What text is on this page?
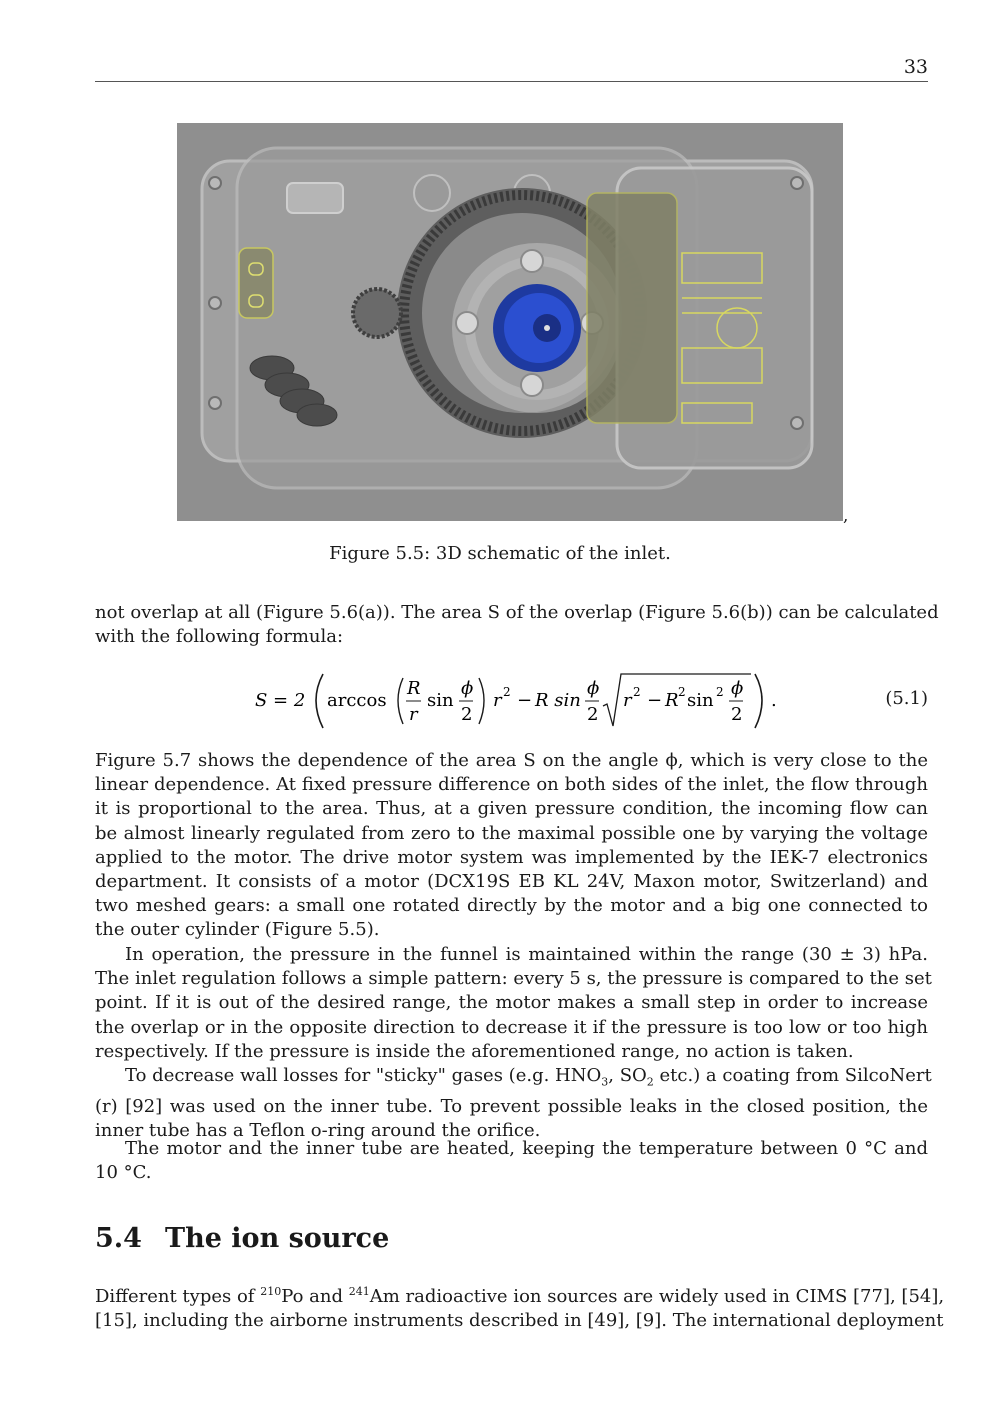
33
,
Figure 5.5: 3D schematic of the inlet.

not overlap at all (Figure 5.6(a)). The area S of the overlap (Figure 5.6(b)) can be calculated
with the following formula:

S = 2 arccos
R
r
sin
ϕ
2
r 2 − R sin
ϕ
2
r 2 − R 2 sin 2 ϕ
2
.	(5.1)

Figure 5.7 shows the dependence of the area S on the angle ϕ, which is very close to the
linear dependence. At fixed pressure difference on both sides of the inlet, the flow through
it is proportional to the area. Thus, at a given pressure condition, the incoming flow can
be almost linearly regulated from zero to the maximal possible one by varying the voltage
applied to the motor. The drive motor system was implemented by the IEK-7 electronics
department. It consists of a motor (DCX19S EB KL 24V, Maxon motor, Switzerland) and
two meshed gears: a small one rotated directly by the motor and a big one connected to
the outer cylinder (Figure 5.5).

In operation, the pressure in the funnel is maintained within the range (30 ± 3) hPa.
The inlet regulation follows a simple pattern: every 5 s, the pressure is compared to the set
point. If it is out of the desired range, the motor makes a small step in order to increase
the overlap or in the opposite direction to decrease it if the pressure is too low or too high
respectively. If the pressure is inside the aforementioned range, no action is taken.

To decrease wall losses for "sticky" gases (e.g. $HNO_3$, $SO_2$ etc.) a coating from SilcoNert
(r) [92] was used on the inner tube. To prevent possible leaks in the closed position, the
inner tube has a Teflon o-ring around the orifice.

The motor and the inner tube are heated, keeping the temperature between 0 °C and
10 °C.

5.4 The ion source

Different types of $^{210}$Po and $^{241}$Am radioactive ion sources are widely used in CIMS [77], [54],
[15], including the airborne instruments described in [49], [9]. The international deployment
